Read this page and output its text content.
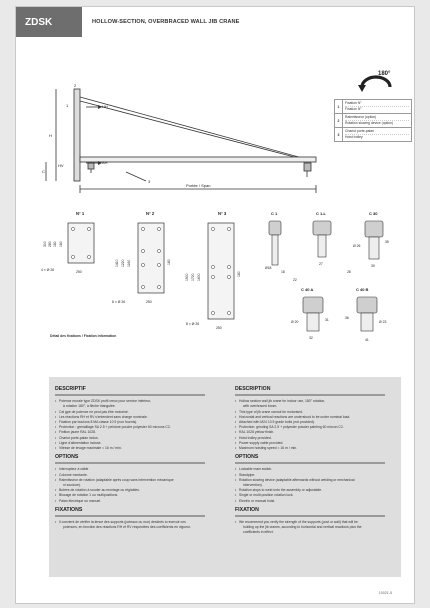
ZDSK	HOLLOW-SECTION, OVERBRACED WALL JIB CRANE
180°
1
Fixation N°
Fixation N°
2
Ralentisseur (option)
Rotation slowing device (option)
3
Chariot porte-palan
Hoist trolley
HH
BH
HV
H
C
Portée / Span
3
2
1
N° 1	N° 2	N° 3
300 280 180 180
4 × Ø 26	250
1410 1220 1160	180
8 × Ø 26	250
1900 1720 1600	180
8 × Ø 26
250
C 1	C 1-L	C 30
C 40 A	C 40 B
18
Ø18
27
Ø 26
35
30
Ø 20	31
32
36
Ø 23
41
22
28
Détail des fixations / Fixation information
DESCRIPTIF
• Potence murale type ZDSK profil creux pour service intérieur,
à rotation 180°, à flèche triangulée.
• Cal gpe de potence ne peut pas être motorisé.
• Les réactions RH et RV s'entendent sans charge nominale.
• Fixation par boulons 8 MA classe 10.9 (non fournis).
• Protection : grenaillage SA 2.5 + peinture poudre polyester 60 microns C2.
• Finition jaune RAL 1028.
• Chariot porte-palan inclus.
• Ligne d'alimentation incluse.
• Vitesse de levage maximale = 16 m / min.
OPTIONS
• Interrupteur à câble
• Colonne montante.
• Ralentisseur de rotation (adaptable après coup sans intervention mécanique
ni soudure).
• Butées de rotation à souder au montage ou réglables.
• Blocage de rotation 1 ou multipositions.
• Palan électrique ou manuel.
FIXATIONS
• Il convient de vérifier la tenue des supports (poteaux ou mur) destinés à recevoir ces
potences, en fonction des réactions RH et RV respectées des coefficients en vigueur.
DESCRIPTION
• Hollow section wall jib crane for indoor use, 180° rotation,
with overbraced boom.
• This type of jib crane cannot be motorised.
• Horizontal and vertical reactions are understood to be under nominal load.
• Attached with M24 10.9 grade bolts (not provided).
• Protection: grinding SA 2.5 + polyester powder painting 60 micron C2.
• RAL 1028 yellow finish.
• Hoist trolley provided.
• Power supply cable provided.
• Maximum hoisting speed = 16 m / min.
OPTIONS
• Lockable main switch.
• Standpipe.
• Rotation slowing device (adaptable afterwards without welding or mechanical
intervention).
• Rotation stops to weld onto the assembly or adjustable.
• Single or multi-position rotation lock.
• Electric or manual hoist.
FIXATION
• We recommend you verify the strength of the supports (post or wall) that will be
holding up the jib cranes, according to horizontal and vertical reactions plus the
coefficients in effect.
10021-5
